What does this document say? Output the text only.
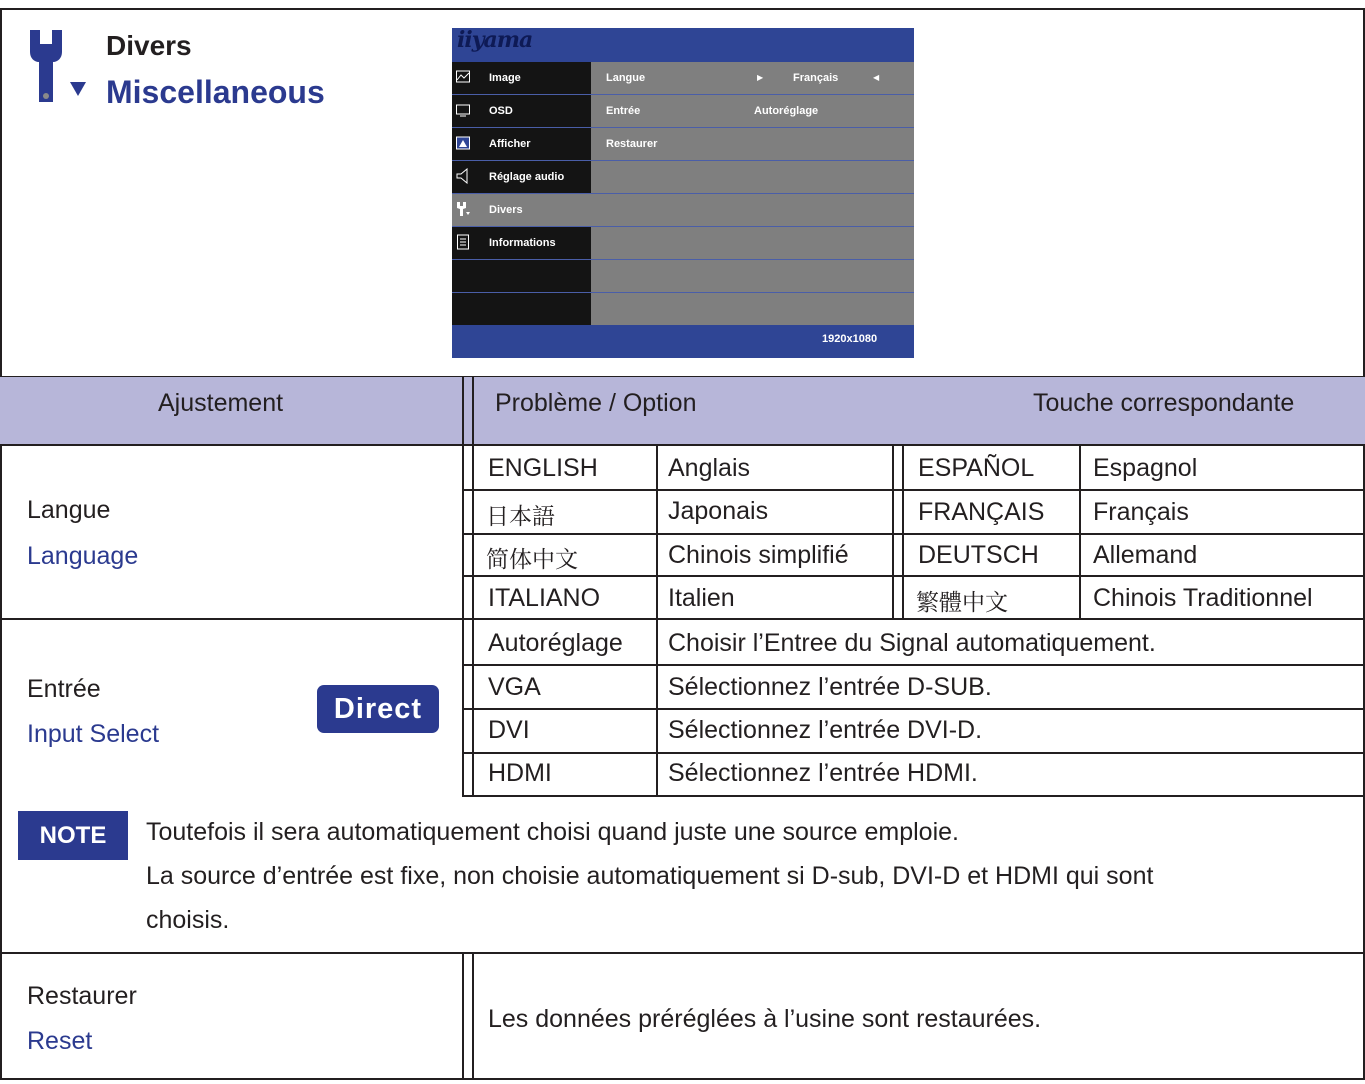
Divers
Miscellaneous
iiyama
Image	Langue	▶	Français	◀
OSD	Entrée	Autoréglage
Afficher	Restaurer
Réglage audio
Divers
Informations
1920x1080
Ajustement	Problème / Option	Touche correspondante
Langue
Language
ENGLISH	Anglais	ESPAÑOL Espagnol
日本語	Japonais	FRANÇAIS Français
简体中文	Chinois simplifié	DEUTSCH Allemand
ITALIANO	Italien	繁體中文	Chinois Traditionnel
Entrée
Input Select
Direct
Autoréglage Choisir l’Entree du Signal automatiquement.
VGA	Sélectionnez l’entrée D-SUB.
DVI	Sélectionnez l’entrée DVI-D.
HDMI	Sélectionnez l’entrée HDMI.
NOTE	Toutefois il sera automatiquement choisi quand juste une source emploie.
La source d’entrée est fixe, non choisie automatiquement si D-sub, DVI-D et HDMI qui sont
choisis.
Restaurer
Reset
Les données préréglées à l’usine sont restaurées.
